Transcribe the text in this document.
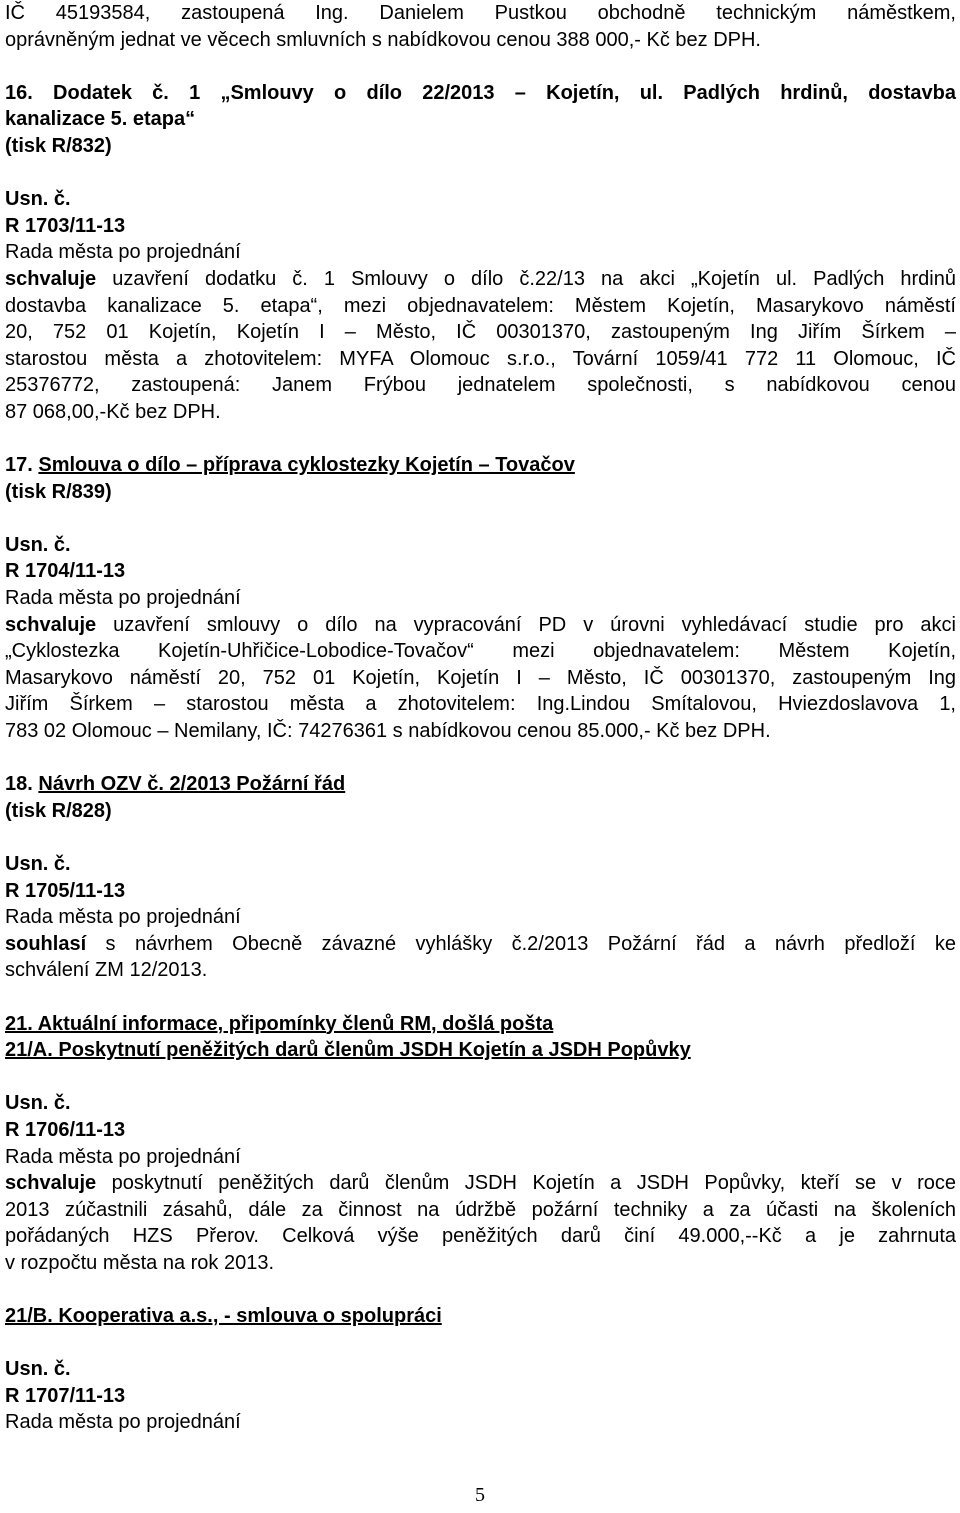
IČ 45193584, zastoupená Ing. Danielem Pustkou obchodně technickým náměstkem,
oprávněným jednat ve věcech smluvních s nabídkovou cenou 388 000,- Kč bez DPH.
16. Dodatek č. 1 „Smlouvy o dílo 22/2013 – Kojetín, ul. Padlých hrdinů, dostavba
kanalizace 5. etapa“
(tisk R/832)
Usn. č.
R 1703/11-13
Rada města po projednání
schvaluje uzavření dodatku č. 1 Smlouvy o dílo č.22/13 na akci „Kojetín ul. Padlých hrdinů
dostavba kanalizace 5. etapa“, mezi objednavatelem: Městem Kojetín, Masarykovo náměstí
20, 752 01 Kojetín, Kojetín I – Město, IČ 00301370, zastoupeným Ing Jiřím Šírkem –
starostou města a zhotovitelem: MYFA Olomouc s.r.o., Tovární 1059/41 772 11 Olomouc, IČ
25376772, zastoupená: Janem Frýbou jednatelem společnosti, s nabídkovou cenou
87 068,00,-Kč bez DPH.
17. Smlouva o dílo – příprava cyklostezky Kojetín – Tovačov
(tisk R/839)
Usn. č.
R 1704/11-13
Rada města po projednání
schvaluje uzavření smlouvy o dílo na vypracování PD v úrovni vyhledávací studie pro akci
„Cyklostezka Kojetín-Uhřičice-Lobodice-Tovačov“ mezi objednavatelem: Městem Kojetín,
Masarykovo náměstí 20, 752 01 Kojetín, Kojetín I – Město, IČ 00301370, zastoupeným Ing
Jiřím Šírkem – starostou města a zhotovitelem: Ing.Lindou Smítalovou, Hviezdoslavova 1,
783 02 Olomouc – Nemilany, IČ: 74276361 s nabídkovou cenou 85.000,- Kč bez DPH.
18. Návrh OZV č. 2/2013 Požární řád
(tisk R/828)
Usn. č.
R 1705/11-13
Rada města po projednání
souhlasí s návrhem Obecně závazné vyhlášky č.2/2013 Požární řád a návrh předloží ke
schválení ZM 12/2013.
21. Aktuální informace, připomínky členů RM, došlá pošta
21/A. Poskytnutí peněžitých darů členům JSDH Kojetín a JSDH Popůvky
Usn. č.
R 1706/11-13
Rada města po projednání
schvaluje poskytnutí peněžitých darů členům JSDH Kojetín a JSDH Popůvky, kteří se v roce
2013 zúčastnili zásahů, dále za činnost na údržbě požární techniky a za účasti na školeních
pořádaných HZS Přerov. Celková výše peněžitých darů činí 49.000,--Kč a je zahrnuta
v rozpočtu města na rok 2013.
21/B. Kooperativa a.s., - smlouva o spolupráci
Usn. č.
R 1707/11-13
Rada města po projednání
5
